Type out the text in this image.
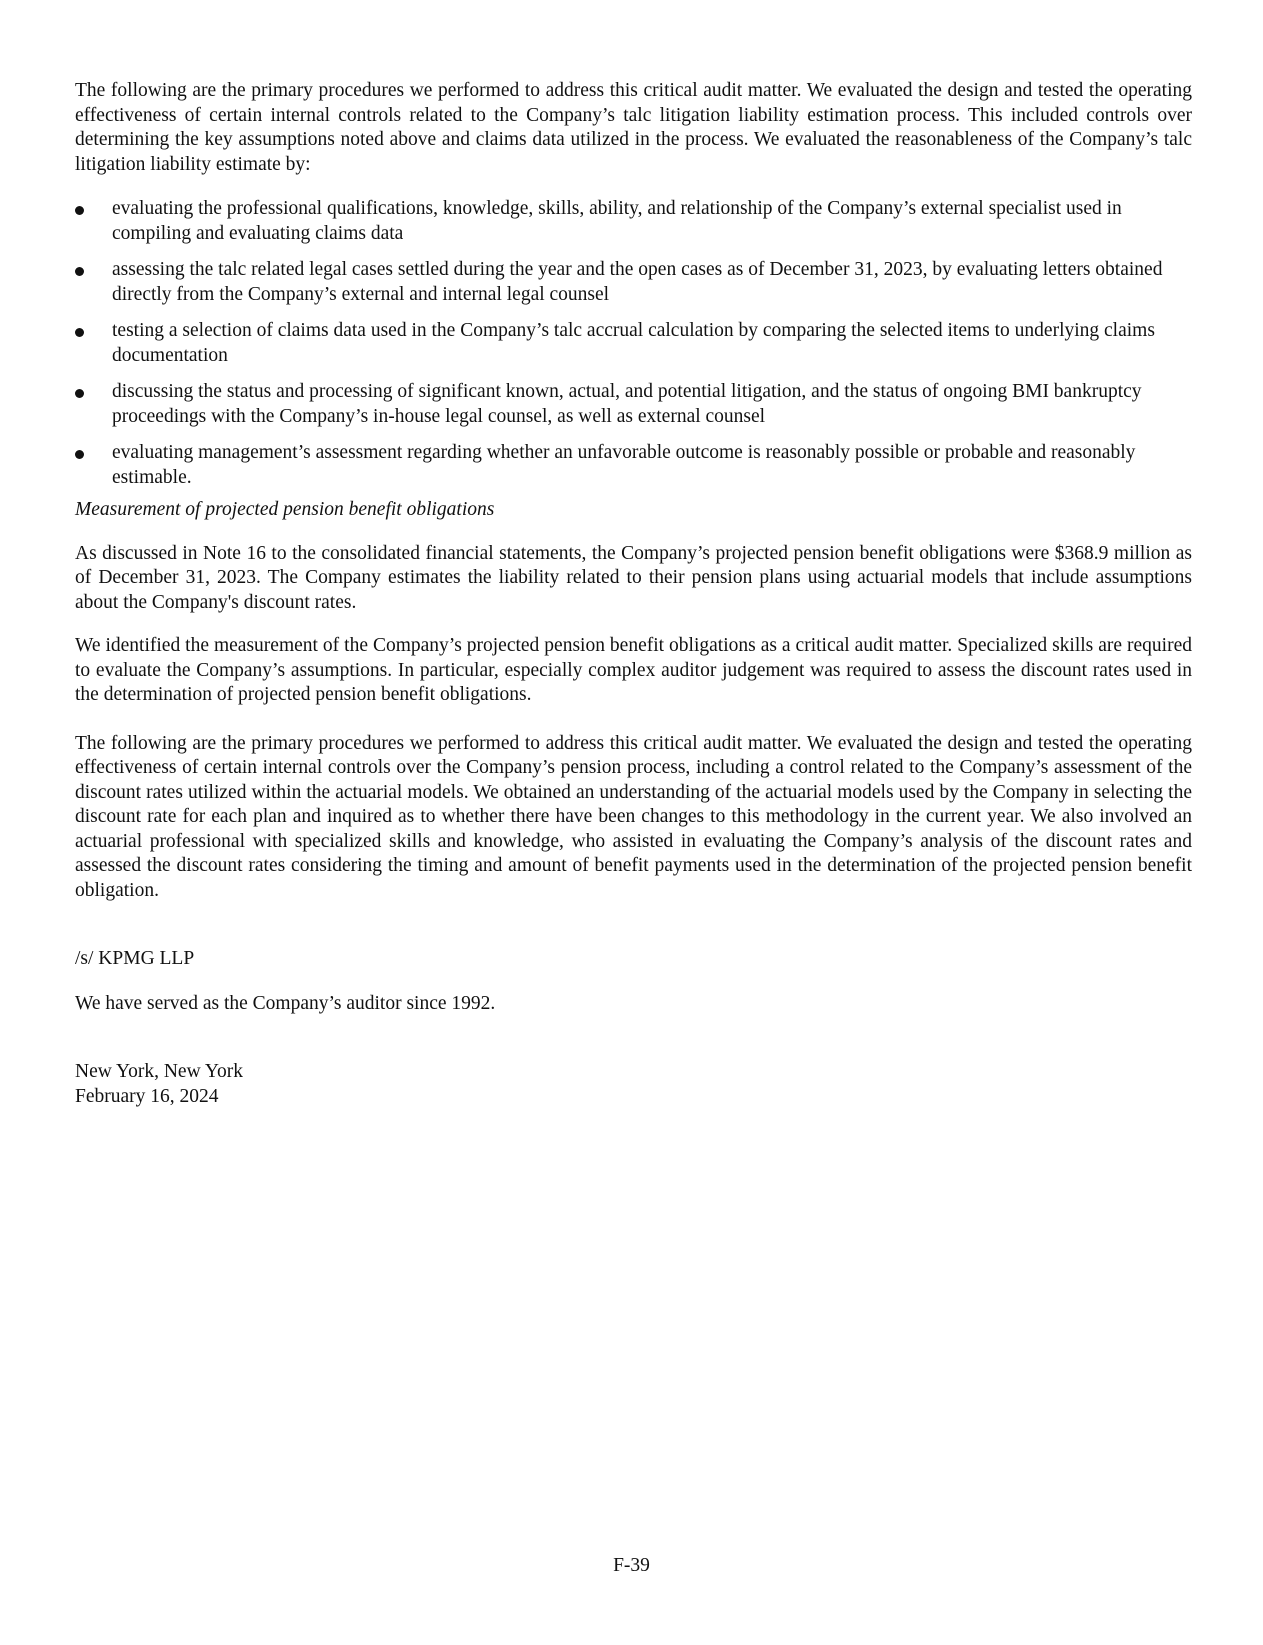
The following are the primary procedures we performed to address this critical audit matter. We evaluated the design and tested the operating effectiveness of certain internal controls related to the Company’s talc litigation liability estimation process. This included controls over determining the key assumptions noted above and claims data utilized in the process. We evaluated the reasonableness of the Company’s talc litigation liability estimate by:

evaluating the professional qualifications, knowledge, skills, ability, and relationship of the Company’s external specialist used in compiling and evaluating claims data
assessing the talc related legal cases settled during the year and the open cases as of December 31, 2023, by evaluating letters obtained directly from the Company’s external and internal legal counsel
testing a selection of claims data used in the Company’s talc accrual calculation by comparing the selected items to underlying claims documentation
discussing the status and processing of significant known, actual, and potential litigation, and the status of ongoing BMI bankruptcy proceedings with the Company’s in-house legal counsel, as well as external counsel
evaluating management’s assessment regarding whether an unfavorable outcome is reasonably possible or probable and reasonably estimable.

Measurement of projected pension benefit obligations

As discussed in Note 16 to the consolidated financial statements, the Company’s projected pension benefit obligations were $368.9 million as of December 31, 2023. The Company estimates the liability related to their pension plans using actuarial models that include assumptions about the Company's discount rates.

We identified the measurement of the Company’s projected pension benefit obligations as a critical audit matter. Specialized skills are required to evaluate the Company’s assumptions. In particular, especially complex auditor judgement was required to assess the discount rates used in the determination of projected pension benefit obligations.

The following are the primary procedures we performed to address this critical audit matter. We evaluated the design and tested the operating effectiveness of certain internal controls over the Company’s pension process, including a control related to the Company’s assessment of the discount rates utilized within the actuarial models. We obtained an understanding of the actuarial models used by the Company in selecting the discount rate for each plan and inquired as to whether there have been changes to this methodology in the current year. We also involved an actuarial professional with specialized skills and knowledge, who assisted in evaluating the Company’s analysis of the discount rates and assessed the discount rates considering the timing and amount of benefit payments used in the determination of the projected pension benefit obligation.

/s/ KPMG LLP

We have served as the Company’s auditor since 1992.

New York, New York

February 16, 2024

F-39
